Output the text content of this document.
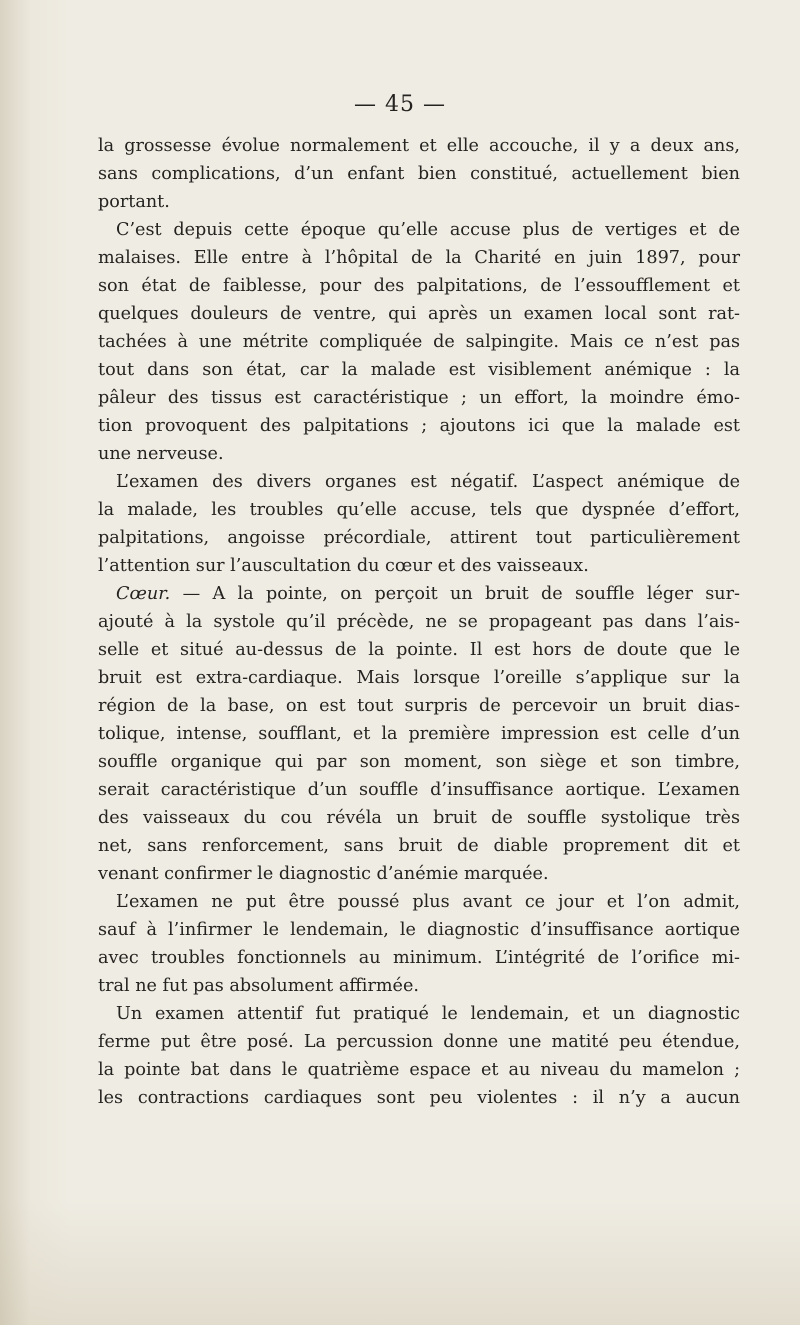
— 45 —
la grossesse évolue normalement et elle accouche, il y a deux ans,
sans complications, d’un enfant bien constitué, actuellement bien
portant.
C’est depuis cette époque qu’elle accuse plus de vertiges et de
malaises. Elle entre à l’hôpital de la Charité en juin 1897, pour
son état de faiblesse, pour des palpitations, de l’essoufflement et
quelques douleurs de ventre, qui après un examen local sont rat-
tachées à une métrite compliquée de salpingite. Mais ce n’est pas
tout dans son état, car la malade est visiblement anémique : la
pâleur des tissus est caractéristique ; un effort, la moindre émo-
tion provoquent des palpitations ; ajoutons ici que la malade est
une nerveuse.
L’examen des divers organes est négatif. L’aspect anémique de
la malade, les troubles qu’elle accuse, tels que dyspnée d’effort,
palpitations, angoisse précordiale, attirent tout particulièrement
l’attention sur l’auscultation du cœur et des vaisseaux.
Cœur. — A la pointe, on perçoit un bruit de souffle léger sur-
ajouté à la systole qu’il précède, ne se propageant pas dans l’ais-
selle et situé au-dessus de la pointe. Il est hors de doute que le
bruit est extra-cardiaque. Mais lorsque l’oreille s’applique sur la
région de la base, on est tout surpris de percevoir un bruit dias-
tolique, intense, soufflant, et la première impression est celle d’un
souffle organique qui par son moment, son siège et son timbre,
serait caractéristique d’un souffle d’insuffisance aortique. L’examen
des vaisseaux du cou révéla un bruit de souffle systolique très
net, sans renforcement, sans bruit de diable proprement dit et
venant confirmer le diagnostic d’anémie marquée.
L’examen ne put être poussé plus avant ce jour et l’on admit,
sauf à l’infirmer le lendemain, le diagnostic d’insuffisance aortique
avec troubles fonctionnels au minimum. L’intégrité de l’orifice mi-
tral ne fut pas absolument affirmée.
Un examen attentif fut pratiqué le lendemain, et un diagnostic
ferme put être posé. La percussion donne une matité peu étendue,
la pointe bat dans le quatrième espace et au niveau du mamelon ;
les contractions cardiaques sont peu violentes : il n’y a aucun
